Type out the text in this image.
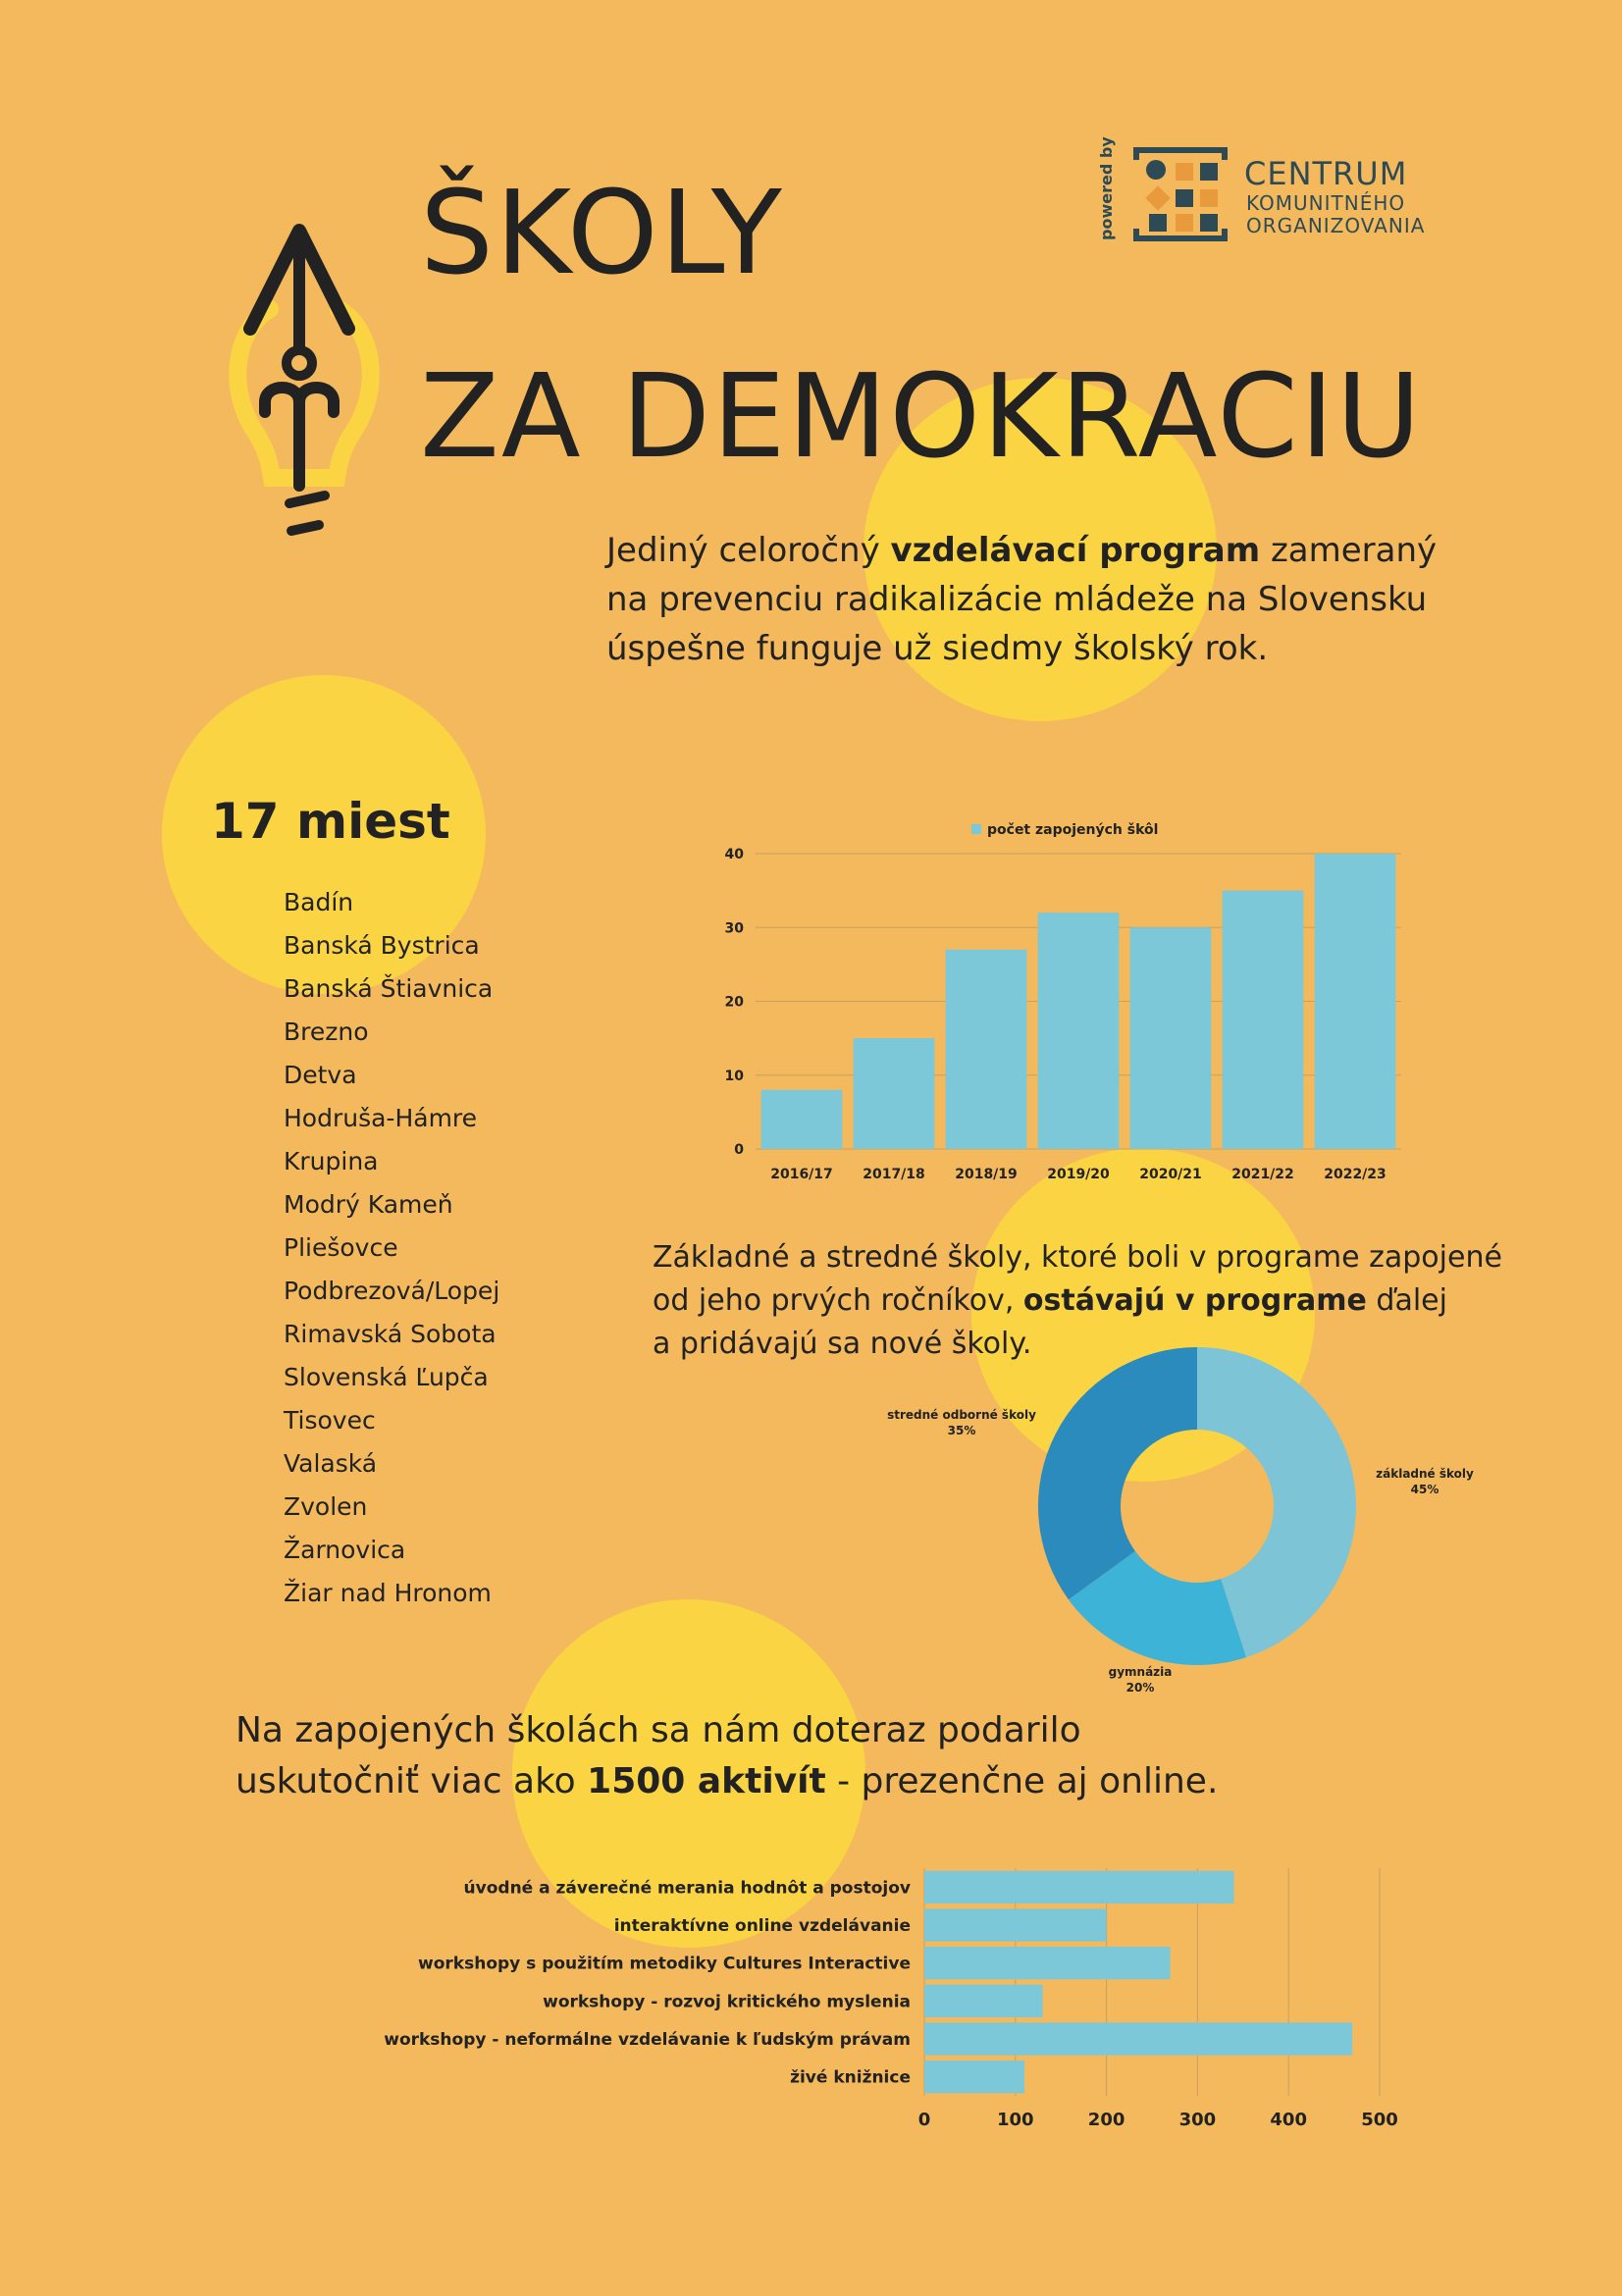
ŠKOLY
ZA DEMOKRACIU
powered by	CENTRUM
KOMUNITNÉHO
ORGANIZOVANIA
Jediný celoročný vzdelávací program zameraný
na prevenciu radikalizácie mládeže na Slovensku
úspešne funguje už siedmy školský rok.
17 miest
Badín
Banská Bystrica
Banská Štiavnica
Brezno
Detva
Hodruša-Hámre
Krupina
Modrý Kameň
Pliešovce
Podbrezová/Lopej
Rimavská Sobota
Slovenská Ľupča
Tisovec
Valaská
Zvolen
Žarnovica
Žiar nad Hronom
počet zapojených škôl
0
10
20
30
40
2016/17 2017/18 2018/19 2019/20 2020/21 2021/22 2022/23
Základné a stredné školy, ktoré boli v programe zapojené
od jeho prvých ročníkov, ostávajú v programe ďalej
a pridávajú sa nové školy.
základné školy
45%
gymnázia
20%
stredné odborné školy
35%
Na zapojených školách sa nám doteraz podarilo
uskutočniť viac ako 1500 aktivít - prezenčne aj online.
0	100	200	300	400	500
úvodné a záverečné merania hodnôt a postojov
interaktívne online vzdelávanie
workshopy s použitím metodiky Cultures Interactive
workshopy - rozvoj kritického myslenia
workshopy - neformálne vzdelávanie k ľudským právam
živé knižnice
